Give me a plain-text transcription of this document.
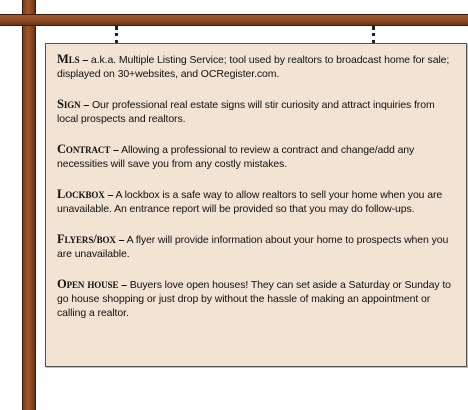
Mls – a.k.a. Multiple Listing Service; tool used by realtors to broadcast home for sale; displayed on 30+websites, and OCRegister.com.
Sign – Our professional real estate signs will stir curiosity and attract inquiries from local prospects and realtors.
Contract – Allowing a professional to review a contract and change/add any necessities will save you from any costly mistakes.
Lockbox – A lockbox is a safe way to allow realtors to sell your home when you are unavailable. An entrance report will be provided so that you may do follow-ups.
Flyers/box – A flyer will provide information about your home to prospects when you are unavailable.
Open house – Buyers love open houses! They can set aside a Saturday or Sunday to go house shopping or just drop by without the hassle of making an appointment or calling a realtor.
